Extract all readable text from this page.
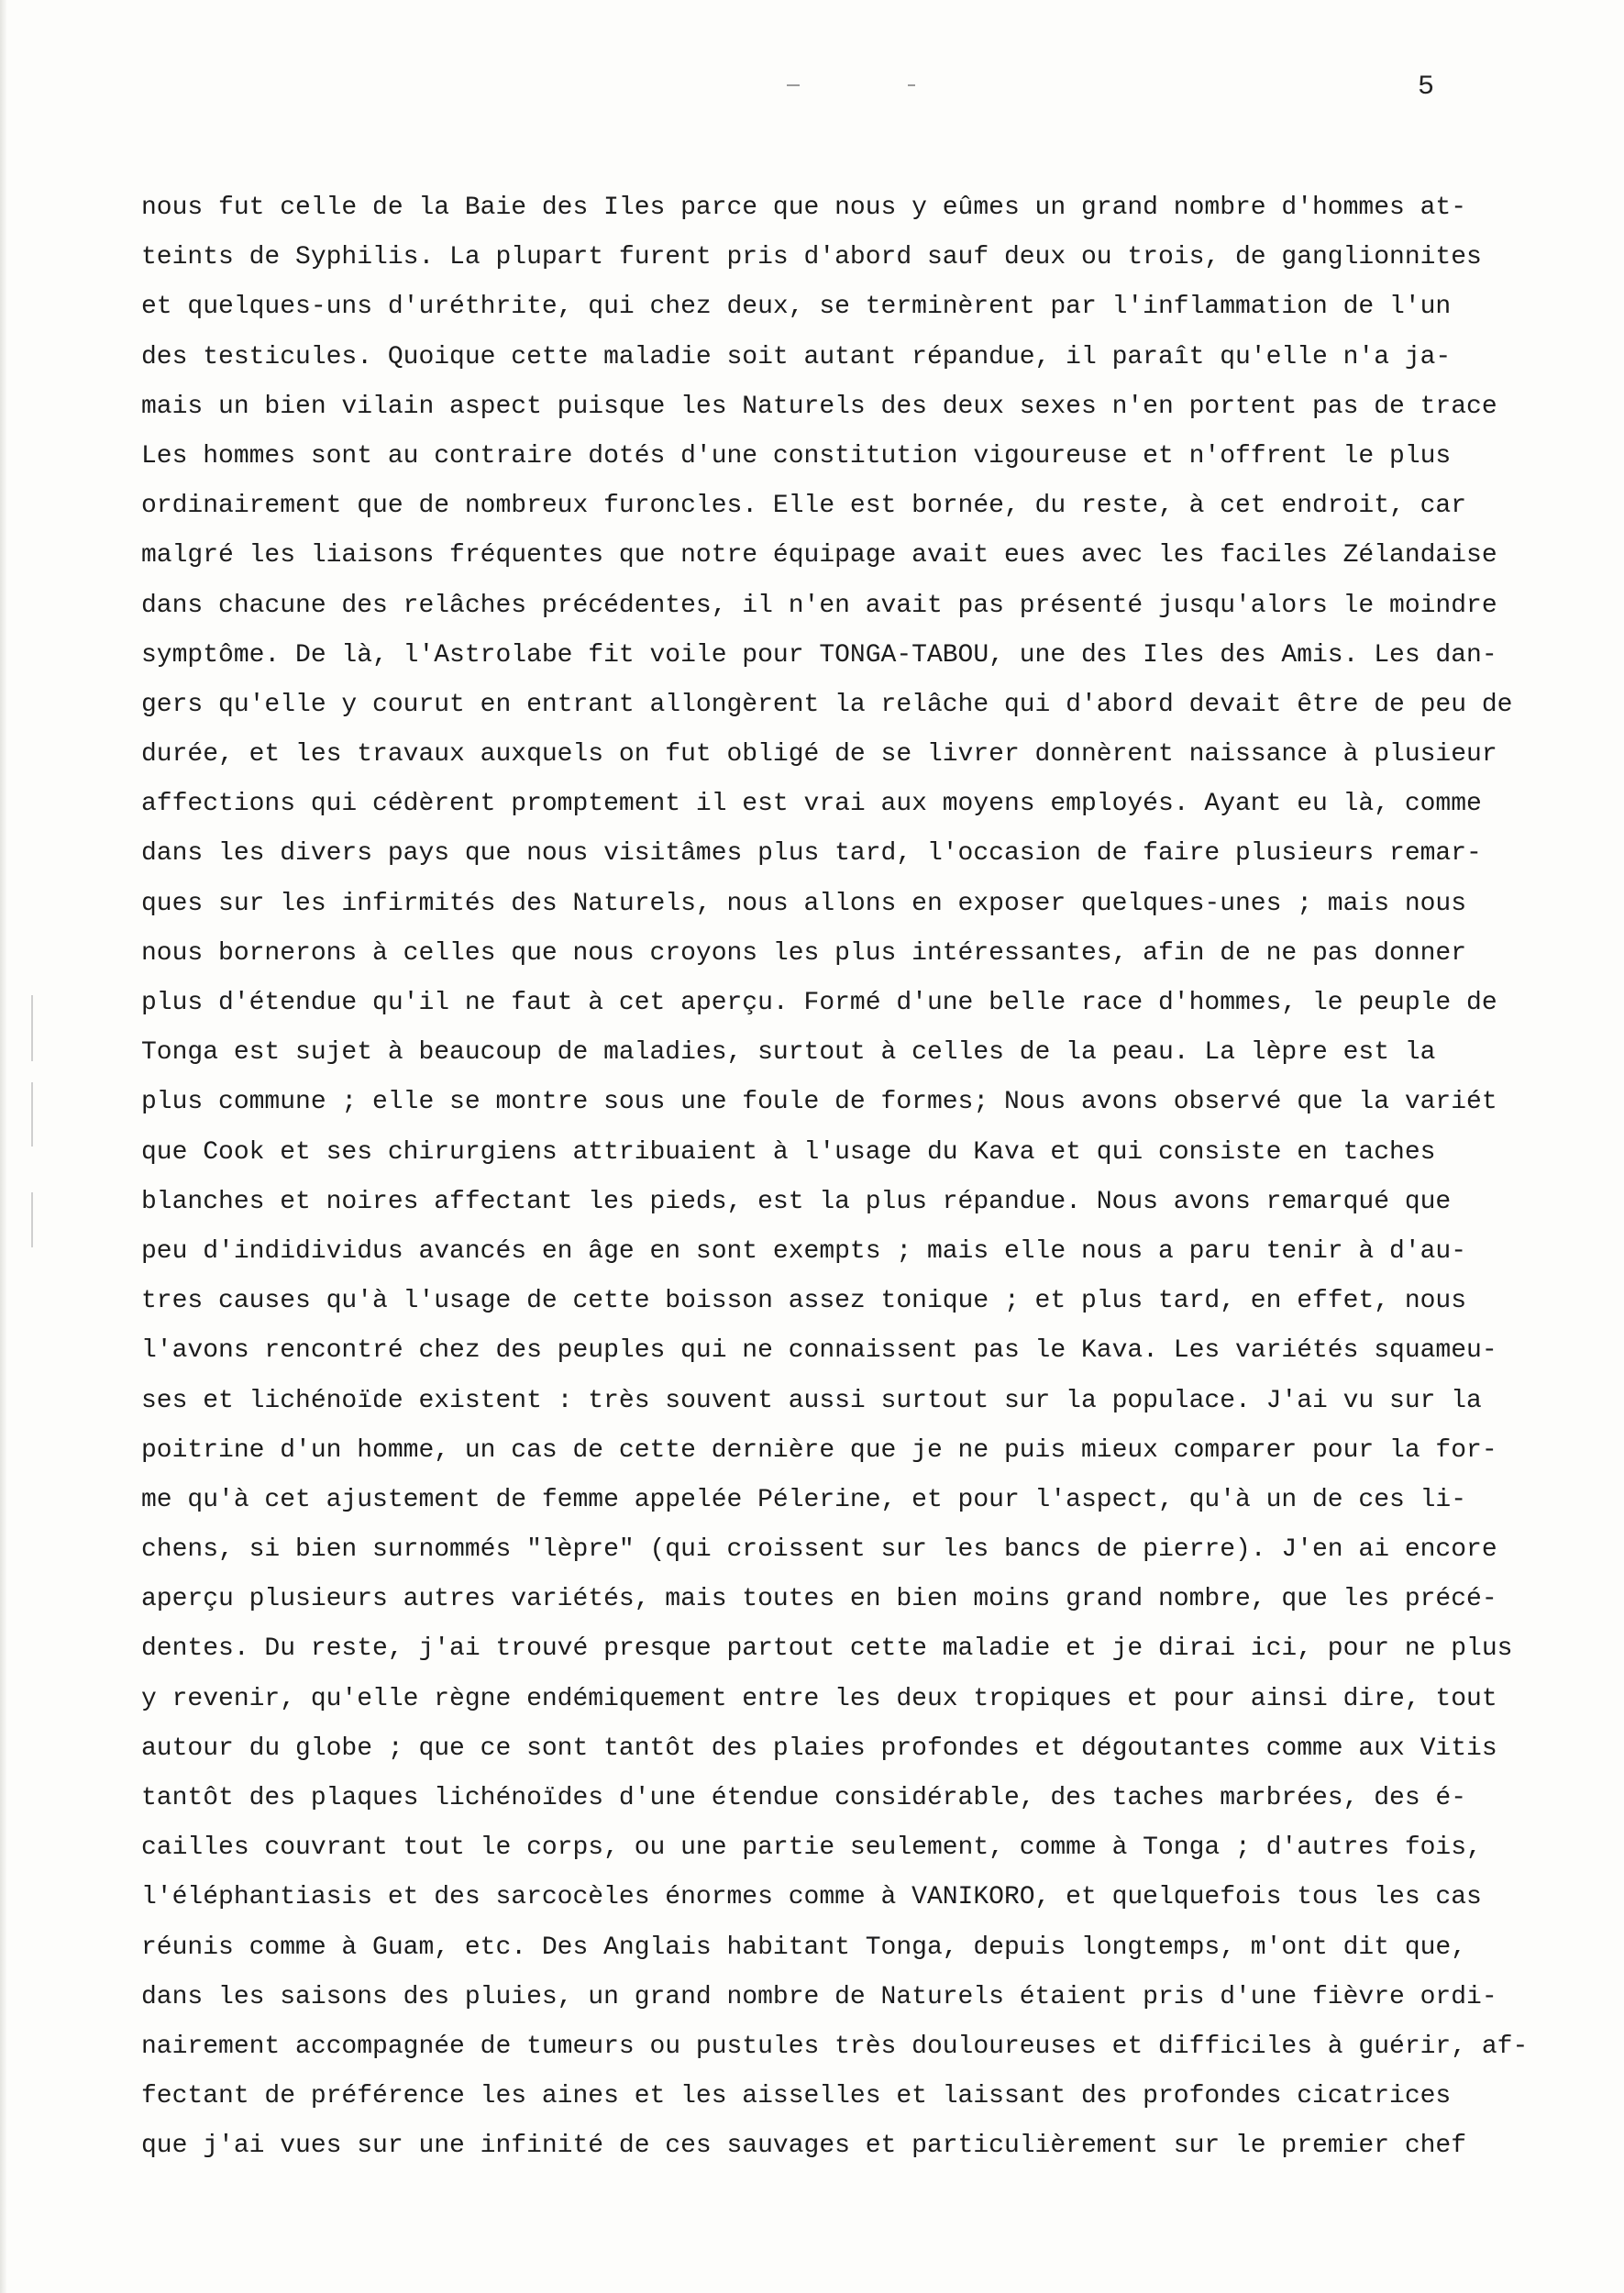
5
nous fut celle de la Baie des Iles parce que nous y eûmes un grand nombre d'hommes at-
teints de Syphilis. La plupart furent pris d'abord sauf deux ou trois, de ganglionnites
et quelques-uns d'uréthrite, qui chez deux, se terminèrent par l'inflammation de l'un
des testicules. Quoique cette maladie soit autant répandue, il paraît qu'elle n'a ja-
mais un bien vilain aspect puisque les Naturels des deux sexes n'en portent pas de trace
Les hommes sont au contraire dotés d'une constitution vigoureuse et n'offrent le plus
ordinairement que de nombreux furoncles. Elle est bornée, du reste, à cet endroit, car
malgré les liaisons fréquentes que notre équipage avait eues avec les faciles Zélandaise
dans chacune des relâches précédentes, il n'en avait pas présenté jusqu'alors le moindre
symptôme. De là, l'Astrolabe fit voile pour TONGA-TABOU, une des Iles des Amis. Les dan-
gers qu'elle y courut en entrant allongèrent la relâche qui d'abord devait être de peu de
durée, et les travaux auxquels on fut obligé de se livrer donnèrent naissance à plusieur
affections qui cédèrent promptement il est vrai aux moyens employés. Ayant eu là, comme
dans les divers pays que nous visitâmes plus tard, l'occasion de faire plusieurs remar-
ques sur les infirmités des Naturels, nous allons en exposer quelques-unes ; mais nous
nous bornerons à celles que nous croyons les plus intéressantes, afin de ne pas donner
plus d'étendue qu'il ne faut à cet aperçu. Formé d'une belle race d'hommes, le peuple de
Tonga est sujet à beaucoup de maladies, surtout à celles de la peau. La lèpre est la
plus commune ; elle se montre sous une foule de formes; Nous avons observé que la variét
que Cook et ses chirurgiens attribuaient à l'usage du Kava et qui consiste en taches
blanches et noires affectant les pieds, est la plus répandue. Nous avons remarqué que
peu d'indidividus avancés en âge en sont exempts ; mais elle nous a paru tenir à d'au-
tres causes qu'à l'usage de cette boisson assez tonique ; et plus tard, en effet, nous
l'avons rencontré chez des peuples qui ne connaissent pas le Kava. Les variétés squameu-
ses et lichénoïde existent : très souvent aussi surtout sur la populace. J'ai vu sur la
poitrine d'un homme, un cas de cette dernière que je ne puis mieux comparer pour la for-
me qu'à cet ajustement de femme appelée Pélerine, et pour l'aspect, qu'à un de ces li-
chens, si bien surnommés "lèpre" (qui croissent sur les bancs de pierre). J'en ai encore
aperçu plusieurs autres variétés, mais toutes en bien moins grand nombre, que les précé-
dentes. Du reste, j'ai trouvé presque partout cette maladie et je dirai ici, pour ne plus
y revenir, qu'elle règne endémiquement entre les deux tropiques et pour ainsi dire, tout
autour du globe ; que ce sont tantôt des plaies profondes et dégoutantes comme aux Vitis
tantôt des plaques lichénoïdes d'une étendue considérable, des taches marbrées, des é-
cailles couvrant tout le corps, ou une partie seulement, comme à Tonga ; d'autres fois,
l'éléphantiasis et des sarcocèles énormes comme à VANIKORO, et quelquefois tous les cas
réunis comme à Guam, etc. Des Anglais habitant Tonga, depuis longtemps, m'ont dit que,
dans les saisons des pluies, un grand nombre de Naturels étaient pris d'une fièvre ordi-
nairement accompagnée de tumeurs ou pustules très douloureuses et difficiles à guérir, af-
fectant de préférence les aines et les aisselles et laissant des profondes cicatrices
que j'ai vues sur une infinité de ces sauvages et particulièrement sur le premier chef
